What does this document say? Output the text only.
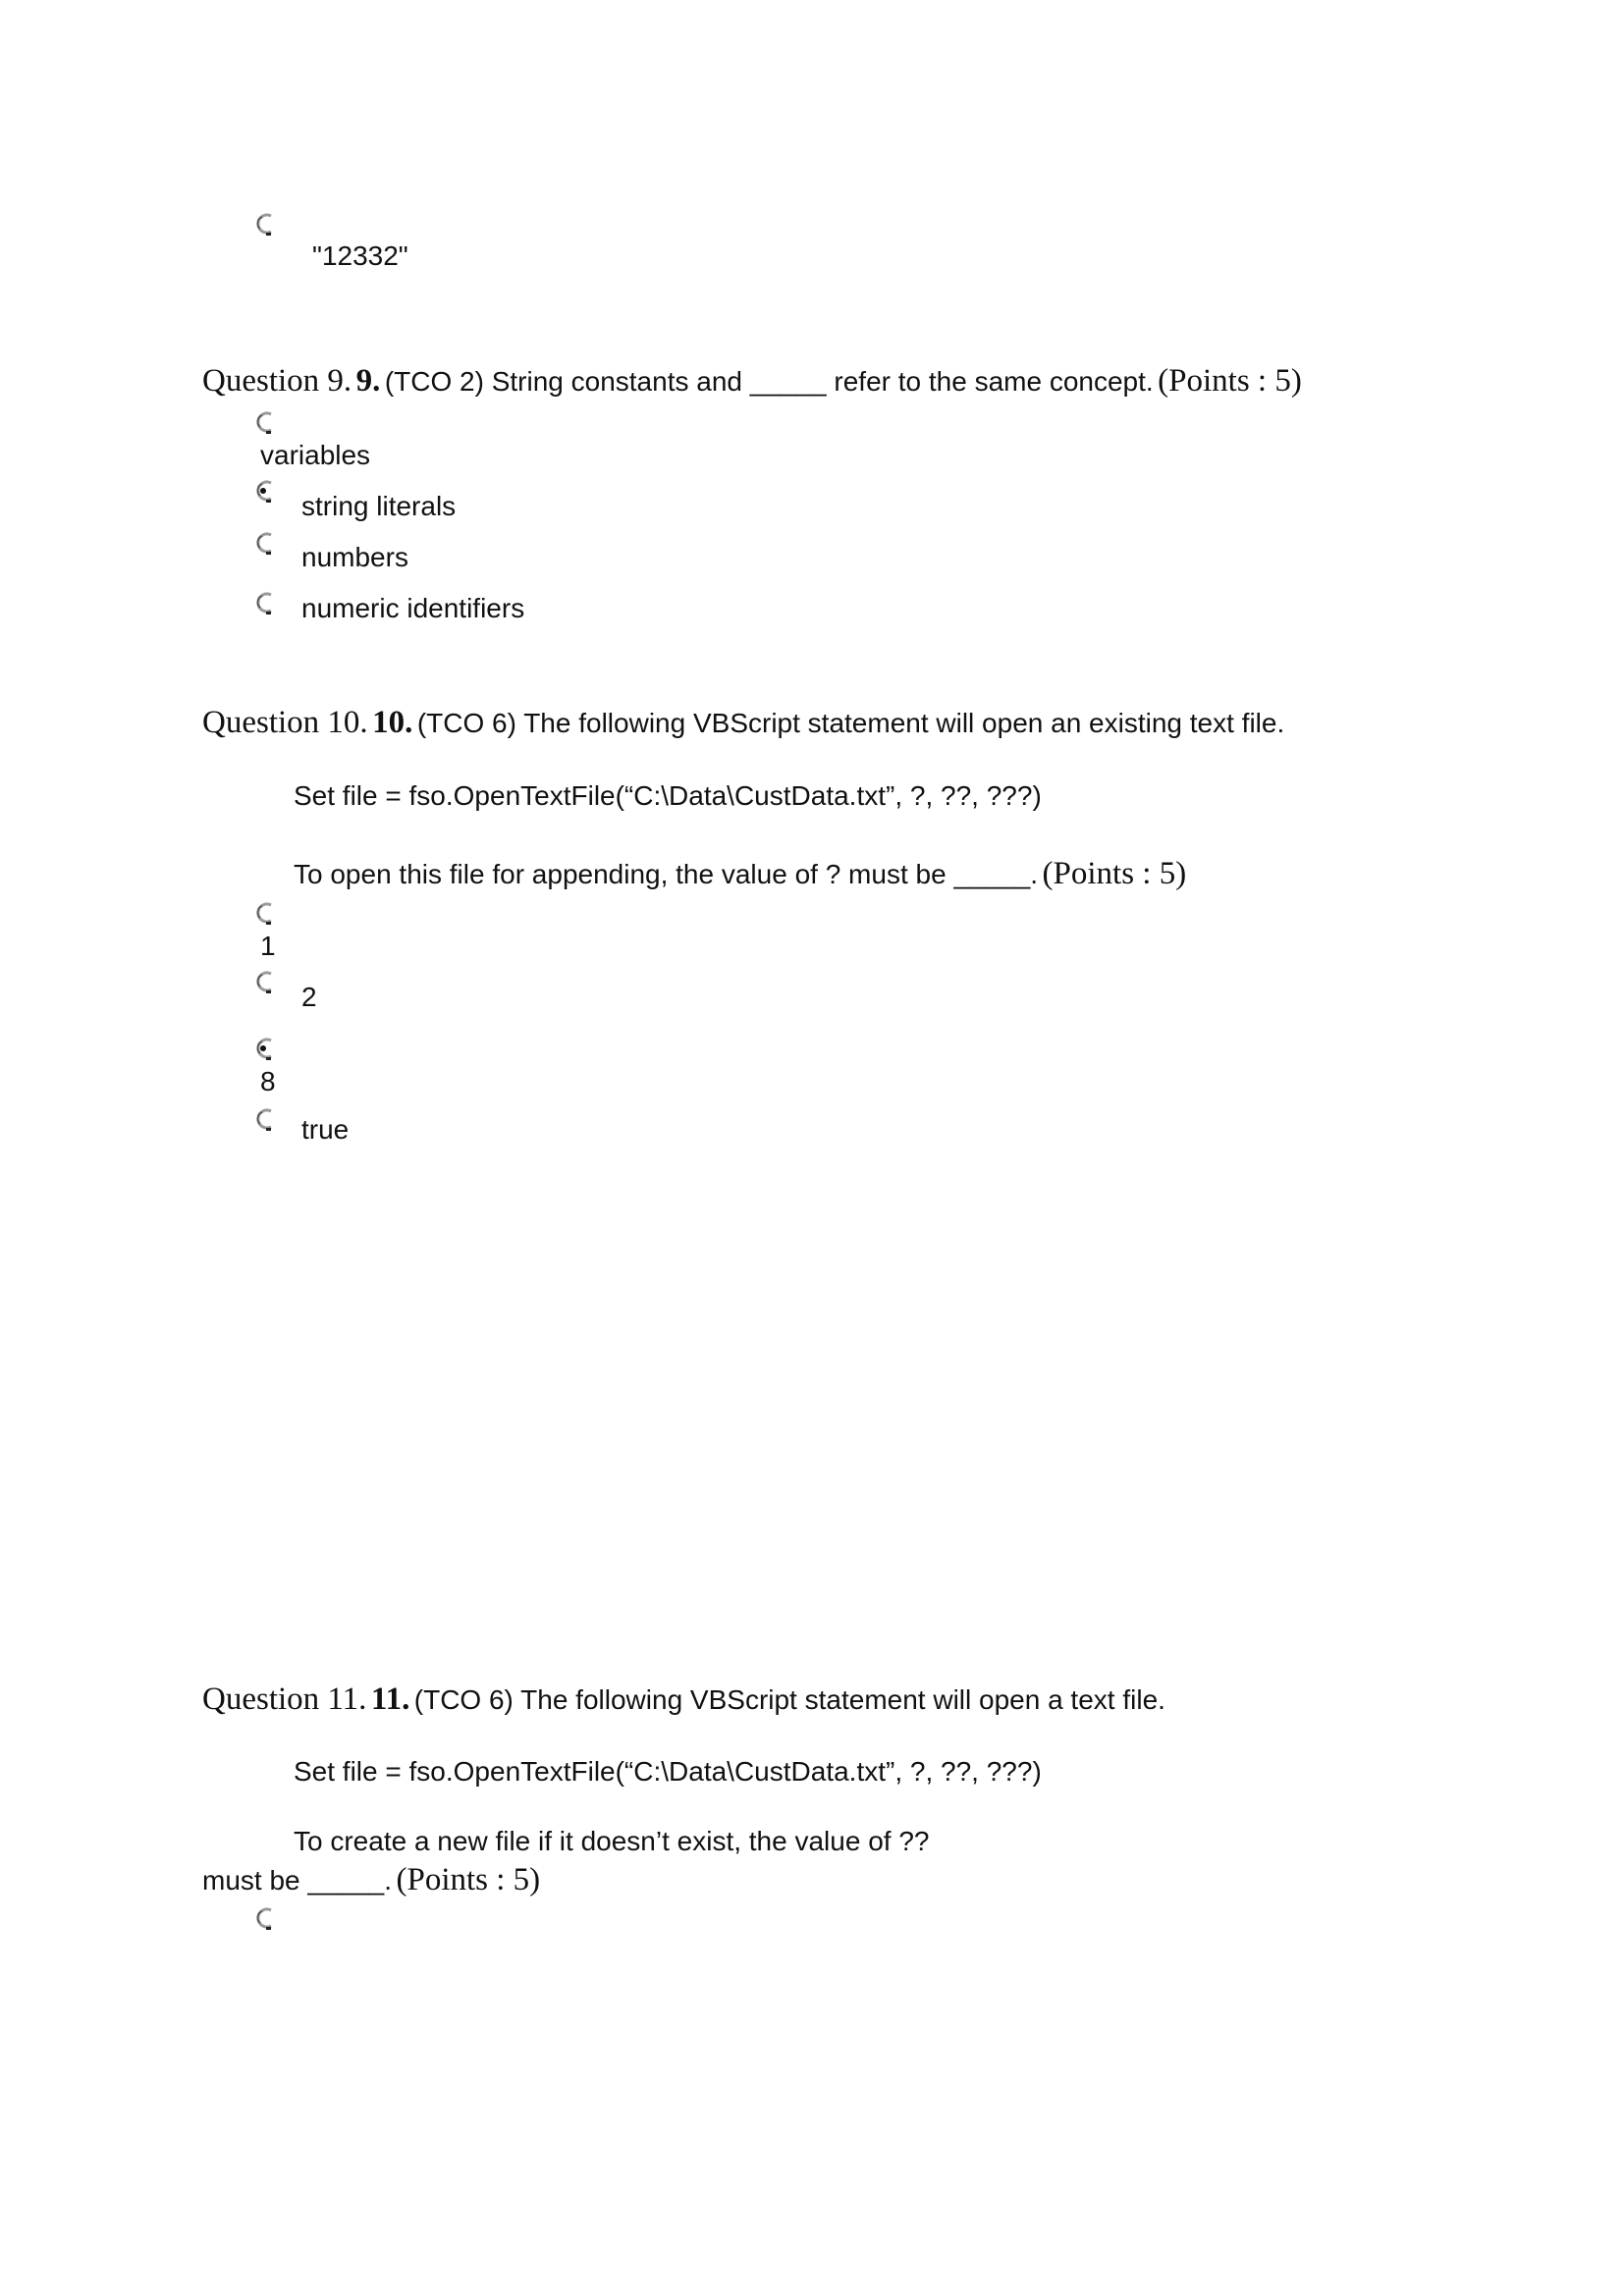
"12332"
Question 9. 9. (TCO 2) String constants and _____ refer to the same concept. (Points : 5)
variables
string literals
numbers
numeric identifiers
Question 10. 10. (TCO 6) The following VBScript statement will open an existing text file.
Set file = fso.OpenTextFile(“C:\Data\CustData.txt”, ?, ??, ???)
To open this file for appending, the value of ? must be _____. (Points : 5)
1
2
8
true
Question 11. 11. (TCO 6) The following VBScript statement will open a text file.
Set file = fso.OpenTextFile(“C:\Data\CustData.txt”, ?, ??, ???)
To create a new file if it doesn’t exist, the value of ??
must be _____. (Points : 5)
